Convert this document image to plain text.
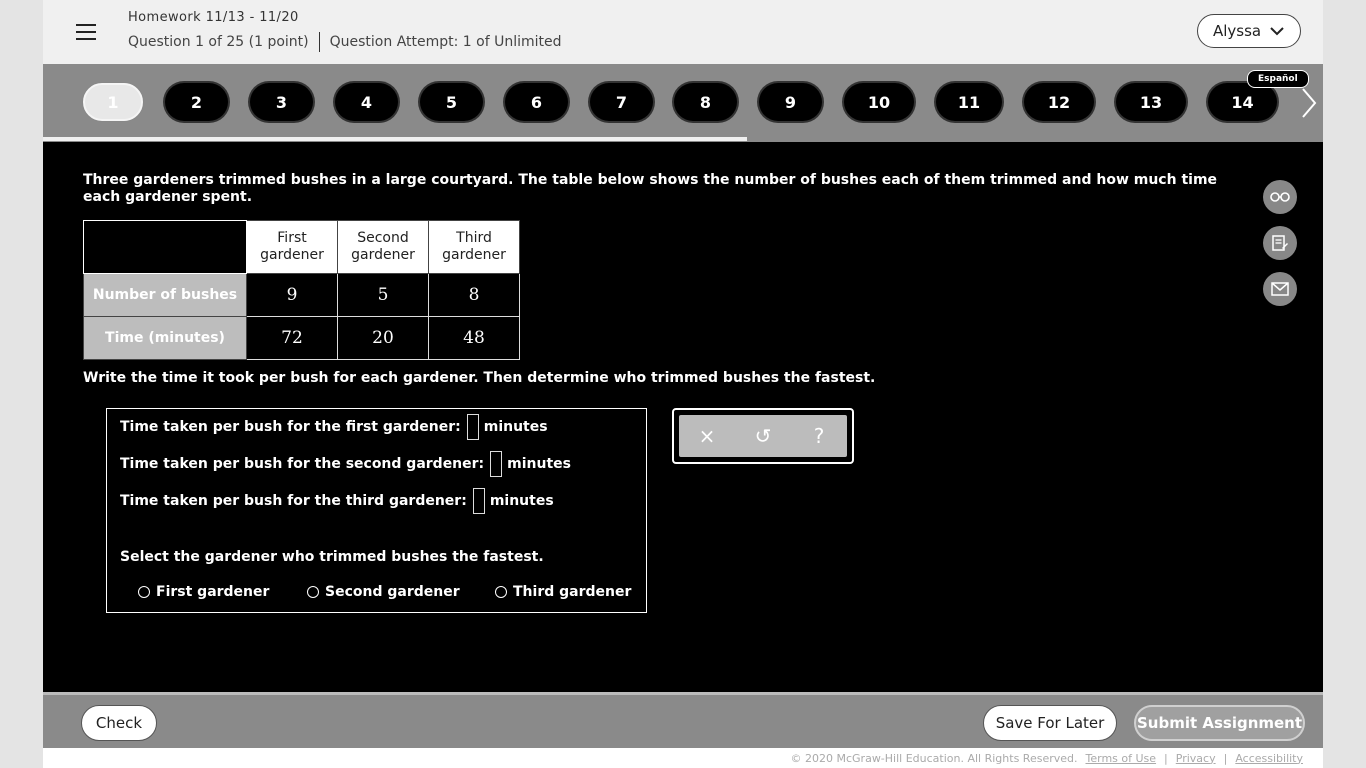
Homework 11/13 - 11/20
Question 1 of 25 (1 point) Question Attempt: 1 of Unlimited
Alyssa
1	2	3	4	5	6	7	8	9	10	11	12	13	14
Español
Three gardeners trimmed bushes in a large courtyard. The table below shows the number of bushes each of them trimmed and how much time each gardener spent.
	First gardener	Second gardener	Third gardener
Number of bushes	9	5	8
Time (minutes)	72	20	48
Write the time it took per bush for each gardener. Then determine who trimmed bushes the fastest.
Time taken per bush for the first gardener: minutes
Time taken per bush for the second gardener: minutes
Time taken per bush for the third gardener: minutes
Select the gardener who trimmed bushes the fastest.
First gardener	Second gardener	Third gardener
×	↺	?
Check	Save For Later	Submit Assignment
© 2020 McGraw-Hill Education. All Rights Reserved. Terms of Use | Privacy | Accessibility
